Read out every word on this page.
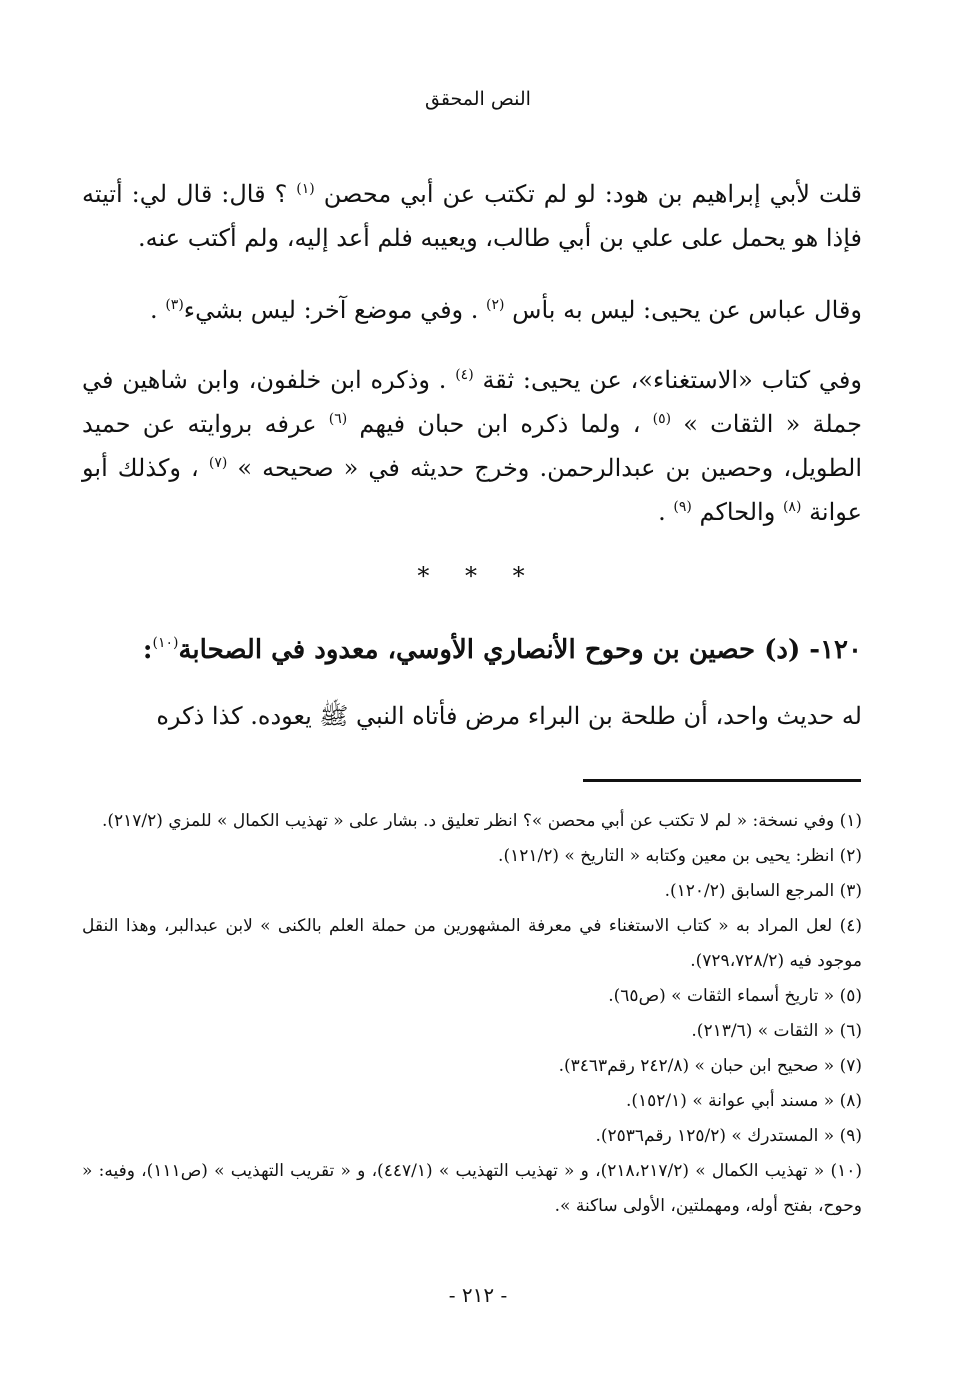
النص المحقق

قلت لأبي إبراهيم بن هود: لو لم تكتب عن أبي محصن $^{(١)}$ ؟ قال: قال لي: أتيته فإذا هو يحمل على علي بن أبي طالب، ويعيبه فلم أعد إليه، ولم أكتب عنه.

وقال عباس عن يحيى: ليس به بأس $^{(٢)}$ . وفي موضع آخر: ليس بشيء$^{(٣)}$ .

وفي كتاب «الاستغناء»، عن يحيى: ثقة $^{(٤)}$ . وذكره ابن خلفون، وابن شاهين في جملة « الثقات » $^{(٥)}$ ، ولما ذكره ابن حبان فيهم $^{(٦)}$ عرفه بروايته عن حميد الطويل، وحصين بن عبدالرحمن. وخرج حديثه في « صحيحه » $^{(٧)}$ ، وكذلك أبو عوانة $^{(٨)}$ والحاكم $^{(٩)}$ .

* * *

١٢٠- (د) حصين بن وحوح الأنصاري الأوسي، معدود في الصحابة$^{(١٠)}$:

له حديث واحد، أن طلحة بن البراء مرض فأتاه النبي ﷺ يعوده. كذا ذكره

(١) وفي نسخة: « لم لا تكتب عن أبي محصن »؟ انظر تعليق د. بشار على « تهذيب الكمال » للمزي (٢١٧/٢).

(٢) انظر: يحيى بن معين وكتابه « التاريخ » (١٢١/٢).

(٣) المرجع السابق (١٢٠/٢).

(٤) لعل المراد به « كتاب الاستغناء في معرفة المشهورين من حملة العلم بالكنى » لابن عبدالبر، وهذا النقل موجود فيه (٧٢٩،٧٢٨/٢).

(٥) « تاريخ أسماء الثقات » (ص٦٥).

(٦) « الثقات » (٢١٣/٦).

(٧) « صحيح ابن حبان » (٢٤٢/٨ رقم٣٤٦٣).

(٨) « مسند أبي عوانة » (١٥٢/١).

(٩) « المستدرك » (١٢٥/٢ رقم٢٥٣٦).

(١٠) « تهذيب الكمال » (٢١٨،٢١٧/٢)، و « تهذيب التهذيب » (٤٤٧/١)، و « تقريب التهذيب » (ص١١١)، وفيه: « وحوح، بفتح أوله، ومهملتين، الأولى ساكنة ».

- ٢١٢ -
